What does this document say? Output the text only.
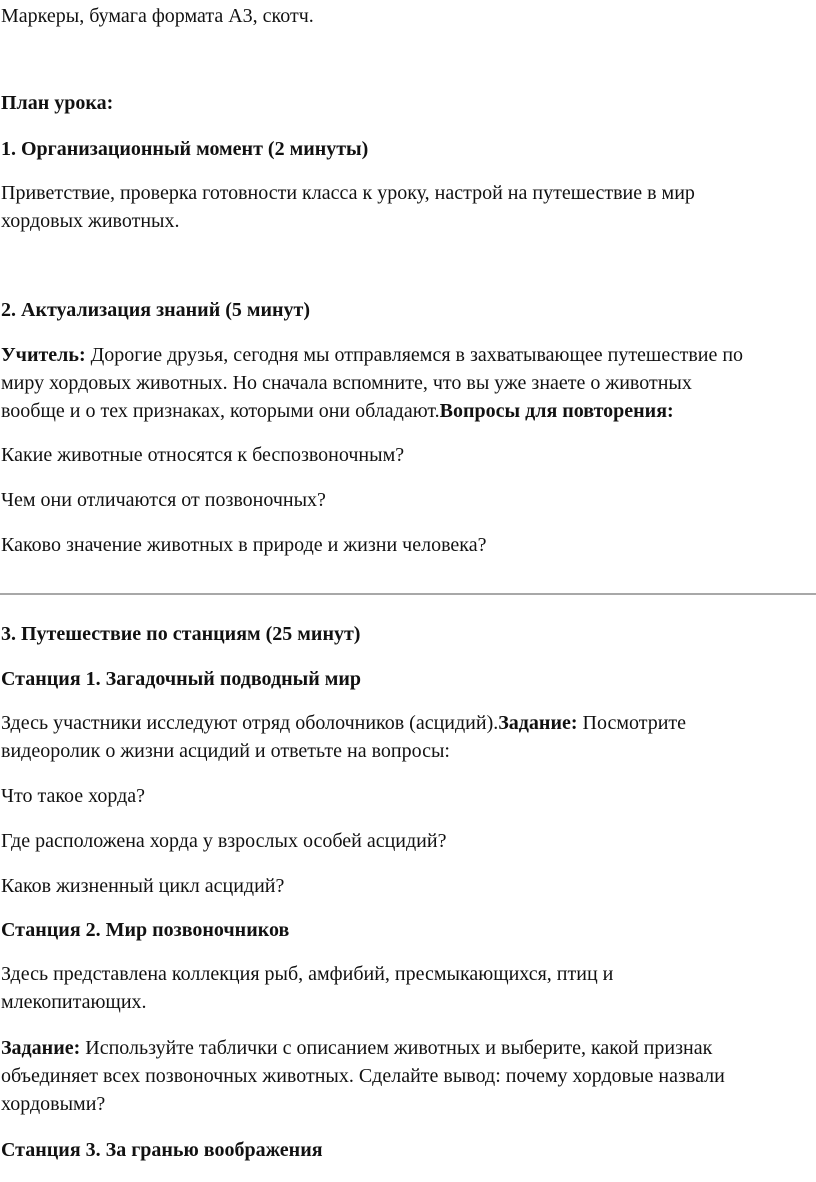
Маркеры, бумага формата А3, скотч.

План урока:

1. Организационный момент (2 минуты)

Приветствие, проверка готовности класса к уроку, настрой на путешествие в мир

хордовых животных.

2. Актуализация знаний (5 минут)

Учитель: Дорогие друзья, сегодня мы отправляемся в захватывающее путешествие по

миру хордовых животных. Но сначала вспомните, что вы уже знаете о животных

вообще и о тех признаках, которыми они обладают.Вопросы для повторения:

Какие животные относятся к беспозвоночным?

Чем они отличаются от позвоночных?

Каково значение животных в природе и жизни человека?

3. Путешествие по станциям (25 минут)

Станция 1. Загадочный подводный мир

Здесь участники исследуют отряд оболочников (асцидий).Задание: Посмотрите

видеоролик о жизни асцидий и ответьте на вопросы:

Что такое хорда?

Где расположена хорда у взрослых особей асцидий?

Каков жизненный цикл асцидий?

Станция 2. Мир позвоночников

Здесь представлена коллекция рыб, амфибий, пресмыкающихся, птиц и

млекопитающих.

Задание: Используйте таблички с описанием животных и выберите, какой признак

объединяет всех позвоночных животных. Сделайте вывод: почему хордовые назвали

хордовыми?

Станция 3. За гранью воображения
